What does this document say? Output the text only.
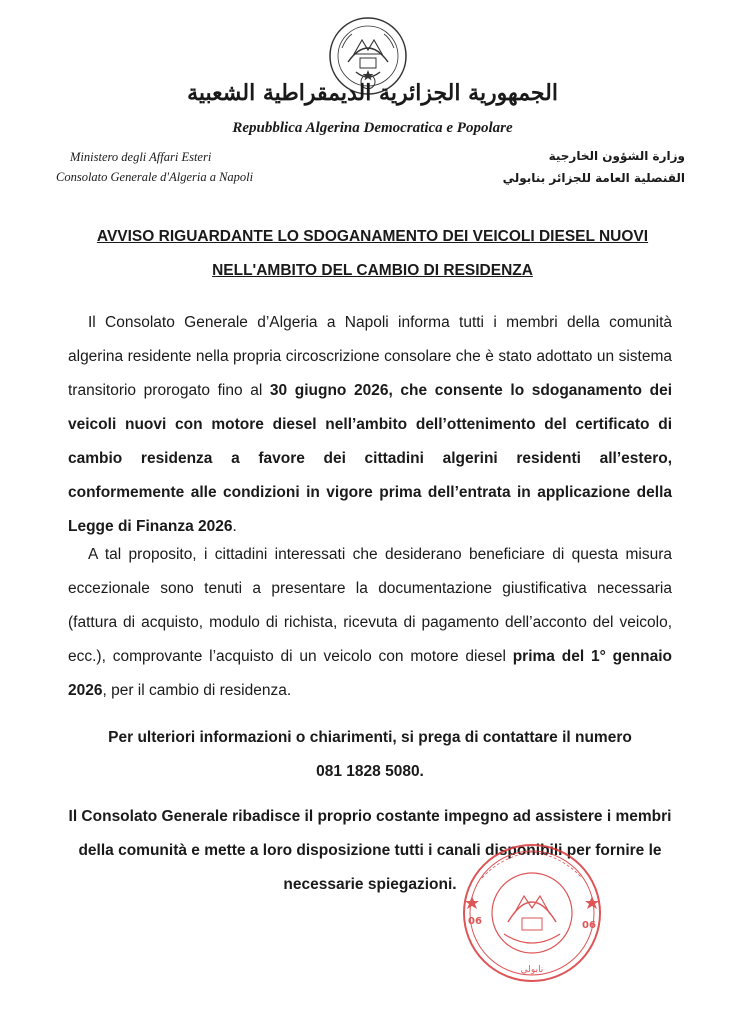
الجمهورية الجزائرية الديمقراطية الشعبية
Repubblica Algerina Democratica e Popolare
Ministero degli Affari Esteri
Consolato Generale d'Algeria a Napoli
وزارة الشؤون الخارجية
القنصلية العامة للجزائر بنابولي
AVVISO RIGUARDANTE LO SDOGANAMENTO DEI VEICOLI DIESEL NUOVI
NELL'AMBITO DEL CAMBIO DI RESIDENZA
Il Consolato Generale d’Algeria a Napoli informa tutti i membri della comunità algerina residente nella propria circoscrizione consolare che è stato adottato un sistema transitorio prorogato fino al 30 giugno 2026, che consente lo sdoganamento dei veicoli nuovi con motore diesel nell’ambito dell’ottenimento del certificato di cambio residenza a favore dei cittadini algerini residenti all’estero, conformemente alle condizioni in vigore prima dell’entrata in applicazione della Legge di Finanza 2026.
A tal proposito, i cittadini interessati che desiderano beneficiare di questa misura eccezionale sono tenuti a presentare la documentazione giustificativa necessaria (fattura di acquisto, modulo di richista, ricevuta di pagamento dell’acconto del veicolo, ecc.), comprovante l’acquisto di un veicolo con motore diesel prima del 1° gennaio 2026, per il cambio di residenza.
Per ulteriori informazioni o chiarimenti, si prega di contattare il numero
081 1828 5080.
Il Consolato Generale ribadisce il proprio costante impegno ad assistere i membri della comunità e mette a loro disposizione tutti i canali disponibili per fornire le necessarie spiegazioni.
06	06
نابولي
